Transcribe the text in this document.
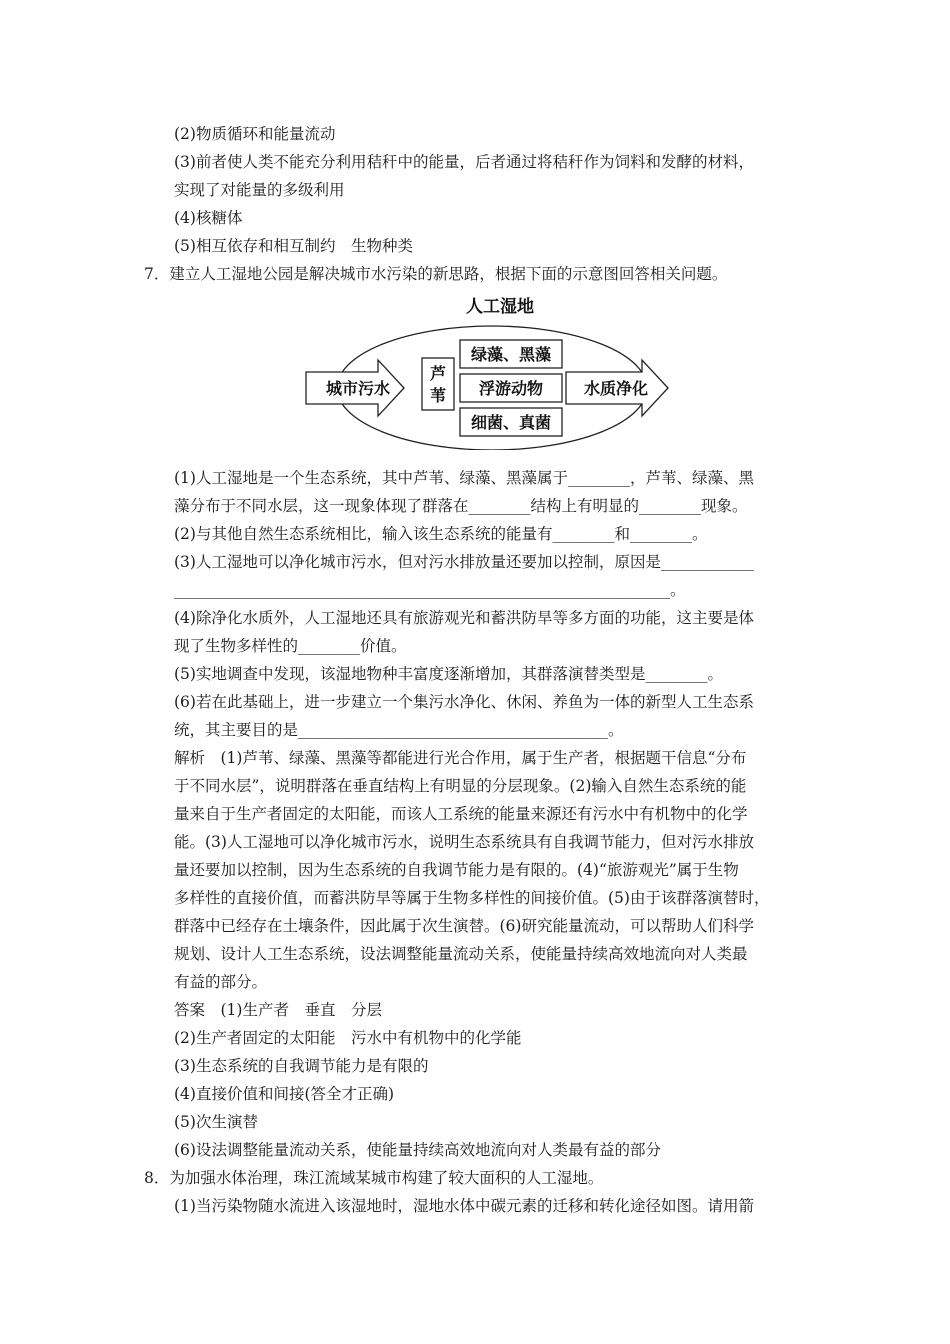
(2)物质循环和能量流动
(3)前者使人类不能充分利用秸秆中的能量，后者通过将秸秆作为饲料和发酵的材料，
实现了对能量的多级利用
(4)核糖体
(5)相互依存和相互制约　生物种类
7．建立人工湿地公园是解决城市水污染的新思路，根据下面的示意图回答相关问题。
人工湿地
城市污水
芦
苇
绿藻、黑藻
浮游动物
细菌、真菌
水质净化
(1)人工湿地是一个生态系统，其中芦苇、绿藻、黑藻属于________，芦苇、绿藻、黑
藻分布于不同水层，这一现象体现了群落在________结构上有明显的________现象。
(2)与其他自然生态系统相比，输入该生态系统的能量有________和________。
(3)人工湿地可以净化城市污水，但对污水排放量还要加以控制，原因是____________
________________________________________________________________。
(4)除净化水质外，人工湿地还具有旅游观光和蓄洪防旱等多方面的功能，这主要是体
现了生物多样性的________价值。
(5)实地调查中发现，该湿地物种丰富度逐渐增加，其群落演替类型是________。
(6)若在此基础上，进一步建立一个集污水净化、休闲、养鱼为一体的新型人工生态系
统，其主要目的是________________________________________。
解析　(1)芦苇、绿藻、黑藻等都能进行光合作用，属于生产者，根据题干信息“分布
于不同水层”，说明群落在垂直结构上有明显的分层现象。(2)输入自然生态系统的能
量来自于生产者固定的太阳能，而该人工系统的能量来源还有污水中有机物中的化学
能。(3)人工湿地可以净化城市污水，说明生态系统具有自我调节能力，但对污水排放
量还要加以控制，因为生态系统的自我调节能力是有限的。(4)“旅游观光”属于生物
多样性的直接价值，而蓄洪防旱等属于生物多样性的间接价值。(5)由于该群落演替时，
群落中已经存在土壤条件，因此属于次生演替。(6)研究能量流动，可以帮助人们科学
规划、设计人工生态系统，设法调整能量流动关系，使能量持续高效地流向对人类最
有益的部分。
答案　(1)生产者　垂直　分层
(2)生产者固定的太阳能　污水中有机物中的化学能
(3)生态系统的自我调节能力是有限的
(4)直接价值和间接(答全才正确)
(5)次生演替
(6)设法调整能量流动关系，使能量持续高效地流向对人类最有益的部分
8．为加强水体治理，珠江流域某城市构建了较大面积的人工湿地。
(1)当污染物随水流进入该湿地时，湿地水体中碳元素的迁移和转化途径如图。请用箭
